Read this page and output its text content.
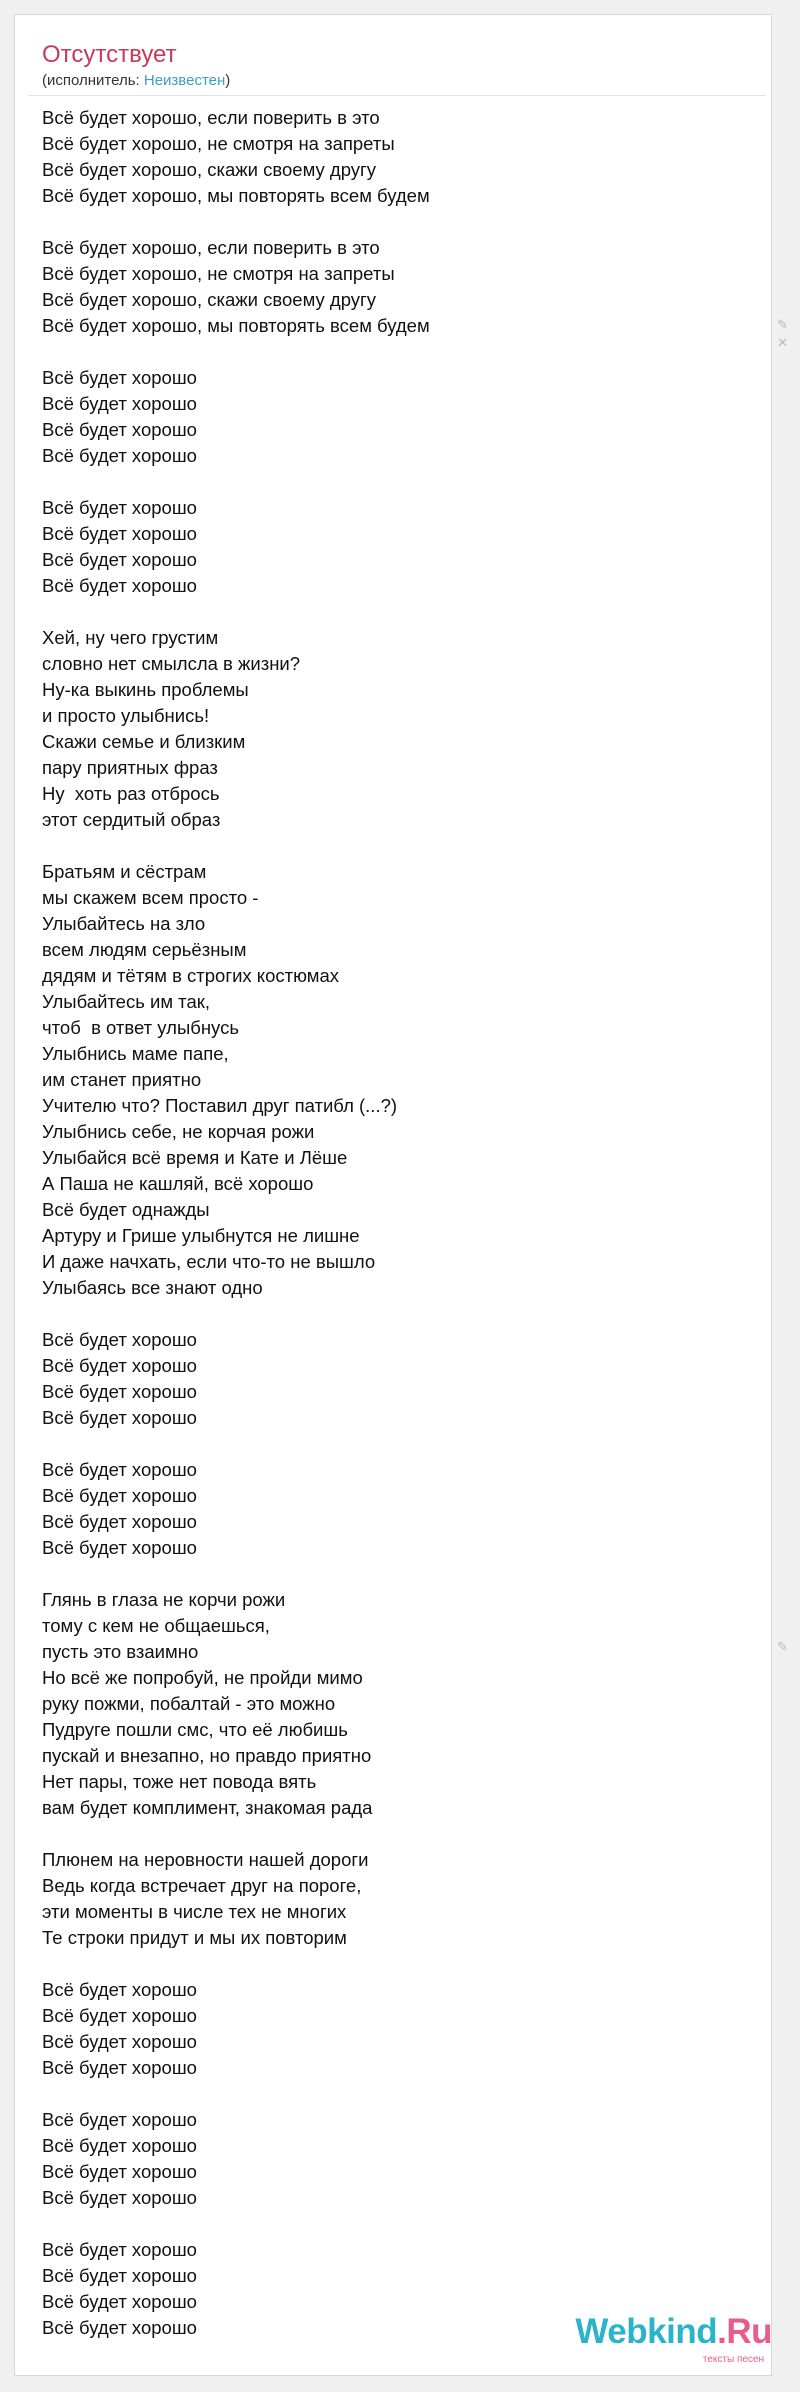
Отсутствует
(исполнитель: Неизвестен)
Всё будет хорошо, если поверить в это
Всё будет хорошо, не смотря на запреты
Всё будет хорошо, скажи своему другу
Всё будет хорошо, мы повторять всем будем
Всё будет хорошо, если поверить в это
Всё будет хорошо, не смотря на запреты
Всё будет хорошо, скажи своему другу
Всё будет хорошо, мы повторять всем будем
Всё будет хорошо
Всё будет хорошо
Всё будет хорошо
Всё будет хорошо
Всё будет хорошо
Всё будет хорошо
Всё будет хорошо
Всё будет хорошо
Хей, ну чего грустим
словно нет смылсла в жизни?
Ну-ка выкинь проблемы
и просто улыбнись!
Скажи семье и близким
пару приятных фраз
Ну  хоть раз отбрось
этот сердитый образ
Братьям и сёстрам
мы скажем всем просто -
Улыбайтесь на зло
всем людям серьёзным
дядям и тётям в строгих костюмах
Улыбайтесь им так,
чтоб  в ответ улыбнусь
Улыбнись маме папе,
им станет приятно
Учителю что? Поставил друг патибл (...?)
Улыбнись себе, не корчая рожи
Улыбайся всё время и Кате и Лёше
А Паша не кашляй, всё хорошо
Всё будет однажды
Артуру и Грише улыбнутся не лишне
И даже начхать, если что-то не вышло
Улыбаясь все знают одно
Всё будет хорошо
Всё будет хорошо
Всё будет хорошо
Всё будет хорошо
Всё будет хорошо
Всё будет хорошо
Всё будет хорошо
Всё будет хорошо
Глянь в глаза не корчи рожи
тому с кем не общаешься,
пусть это взаимно
Но всё же попробуй, не пройди мимо
руку пожми, побалтай - это можно
Пудруге пошли смс, что её любишь
пускай и внезапно, но правдо приятно
Нет пары, тоже нет повода вять
вам будет комплимент, знакомая рада
Плюнем на неровности нашей дороги
Ведь когда встречает друг на пороге,
эти моменты в числе тех не многих
Те строки придут и мы их повторим
Всё будет хорошо
Всё будет хорошо
Всё будет хорошо
Всё будет хорошо
Всё будет хорошо
Всё будет хорошо
Всё будет хорошо
Всё будет хорошо
Всё будет хорошо
Всё будет хорошо
Всё будет хорошо
Всё будет хорошо
✎
✕
✎
Webkind.Ru
тексты песен
